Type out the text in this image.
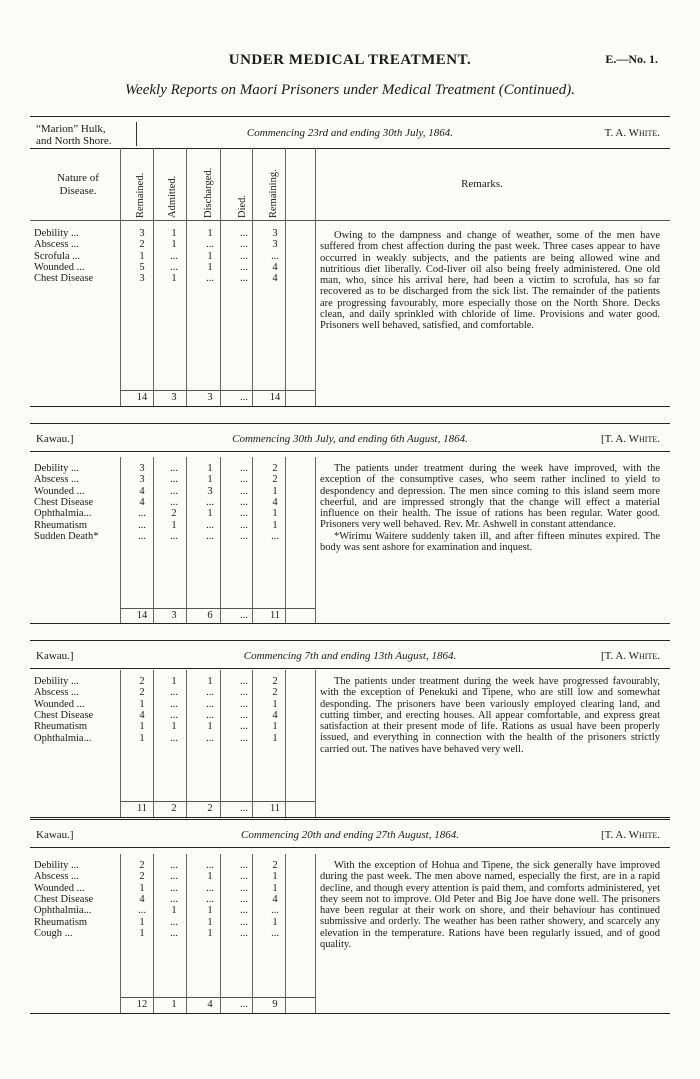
UNDER MEDICAL TREATMENT.	E.—No. 1.
Weekly Reports on Maori Prisoners under Medical Treatment (Continued).
“Marion” Hulk,
and North Shore.
Commencing 23rd and ending 30th July, 1864.	T. A. White.
Nature of Disease.	Remained. Admitted. Discharged. Died. Remaining.	Remarks.
Debility ...	3	1	1	...	3
Abscess ...	2	1	...	...	3
Scrofula ...	1	...	1	...	...
Wounded ...	5	...	1	...	4
Chest Disease	3	1	...	...	4
14	3	3	...	14

Owing to the dampness and change of weather, some of the men have suffered from chest affection during the past week. Three cases appear to have occurred in weakly subjects, and the patients are being allowed wine and nutritious diet liberally. Cod-liver oil also being freely administered. One old man, who, since his arrival here, had been a victim to scrofula, has so far recovered as to be discharged from the sick list. The remainder of the patients are progressing favourably, more especially those on the North Shore. Decks clean, and daily sprinkled with chloride of lime. Provisions and water good. Prisoners well behaved, satisfied, and comfortable.

Kawau.]	Commencing 30th July, and ending 6th August, 1864.	[T. A. White.
Debility ...	3	...	1	...	2
Abscess ...	3	...	1	...	2
Wounded ...	4	...	3	...	1
Chest Disease	4	...	...	...	4
Ophthalmia...	...	2	1	...	1
Rheumatism	...	1	...	...	1
Sudden Death*	...	...	...	...	...
14	3	6	...	11

The patients under treatment during the week have improved, with the exception of the consumptive cases, who seem rather inclined to yield to despondency and depression. The men since coming to this island seem more cheerful, and are impressed strongly that the change will effect a material influence on their health. The issue of rations has been regular. Water good. Prisoners very well behaved. Rev. Mr. Ashwell in constant attendance.

*Wirimu Waitere suddenly taken ill, and after fifteen minutes expired. The body was sent ashore for examination and inquest.

Kawau.]	Commencing 7th and ending 13th August, 1864.	[T. A. White.
Debility ...	2	1	1	...	2
Abscess ...	2	...	...	...	2
Wounded ...	1	...	...	...	1
Chest Disease	4	...	...	...	4
Rheumatism	1	1	1	...	1
Ophthalmia...	1	...	...	...	1
11	2	2	...	11

The patients under treatment during the week have progressed favourably, with the exception of Penekuki and Tipene, who are still low and somewhat desponding. The prisoners have been variously employed clearing land, and cutting timber, and erecting houses. All appear comfortable, and express great satisfaction at their present mode of life. Rations as usual have been properly issued, and everything in connection with the health of the prisoners strictly carried out. The natives have behaved very well.

Kawau.]	Commencing 20th and ending 27th August, 1864.	[T. A. White.
Debility ...	2	...	...	...	2
Abscess ...	2	...	1	...	1
Wounded ...	1	...	...	...	1
Chest Disease	4	...	...	...	4
Ophthalmia...	...	1	1	...	...
Rheumatism	1	...	1	...	1
Cough ...	1	...	1	...	...
12	1	4	...	9

With the exception of Hohua and Tipene, the sick generally have improved during the past week. The men above named, especially the first, are in a rapid decline, and though every attention is paid them, and comforts administered, yet they seem not to improve. Old Peter and Big Joe have done well. The prisoners have been regular at their work on shore, and their behaviour has continued submissive and orderly. The weather has been rather showery, and scarcely any elevation in the temperature. Rations have been regularly issued, and of good quality.
